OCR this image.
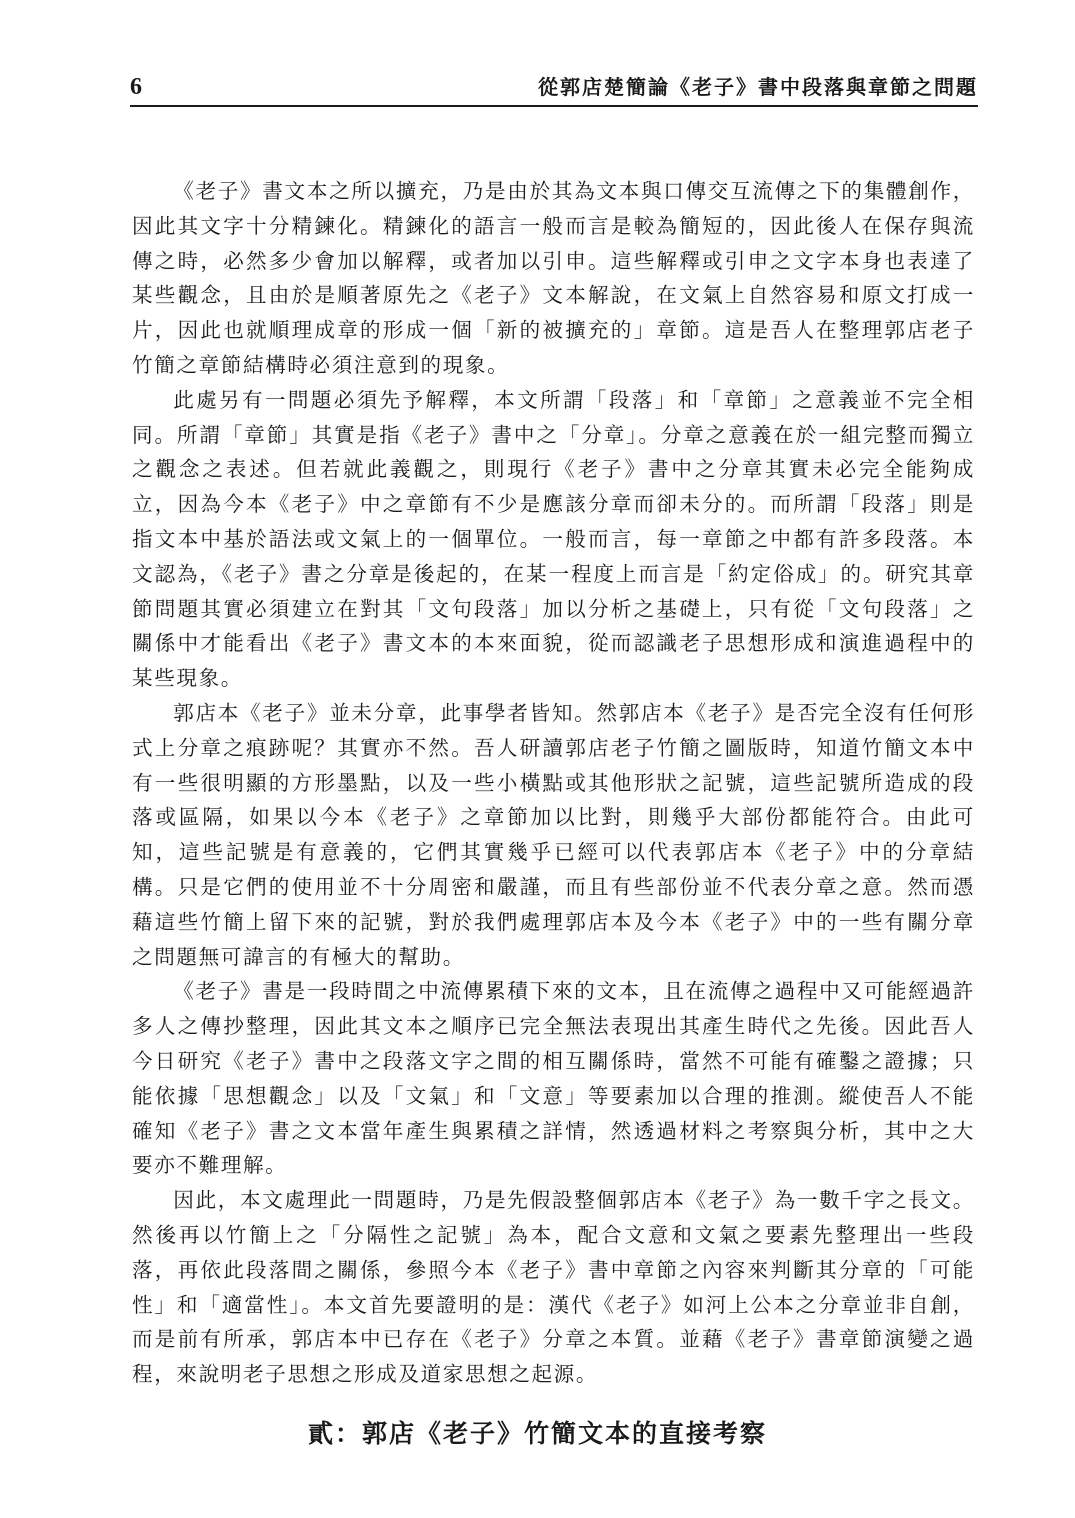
6	從郭店楚簡論《老子》書中段落與章節之問題

《老子》書文本之所以擴充，乃是由於其為文本與口傳交互流傳之下的集體創作，因此其文字十分精鍊化。精鍊化的語言一般而言是較為簡短的，因此後人在保存與流傳之時，必然多少會加以解釋，或者加以引申。這些解釋或引申之文字本身也表達了某些觀念，且由於是順著原先之《老子》文本解說，在文氣上自然容易和原文打成一片，因此也就順理成章的形成一個「新的被擴充的」章節。這是吾人在整理郭店老子竹簡之章節結構時必須注意到的現象。

此處另有一問題必須先予解釋，本文所謂「段落」和「章節」之意義並不完全相同。所謂「章節」其實是指《老子》書中之「分章」。分章之意義在於一組完整而獨立之觀念之表述。但若就此義觀之，則現行《老子》書中之分章其實未必完全能夠成立，因為今本《老子》中之章節有不少是應該分章而卻未分的。而所謂「段落」則是指文本中基於語法或文氣上的一個單位。一般而言，每一章節之中都有許多段落。本文認為，《老子》書之分章是後起的，在某一程度上而言是「約定俗成」的。研究其章節問題其實必須建立在對其「文句段落」加以分析之基礎上，只有從「文句段落」之關係中才能看出《老子》書文本的本來面貌，從而認識老子思想形成和演進過程中的某些現象。

郭店本《老子》並未分章，此事學者皆知。然郭店本《老子》是否完全沒有任何形式上分章之痕跡呢？其實亦不然。吾人研讀郭店老子竹簡之圖版時，知道竹簡文本中有一些很明顯的方形墨點，以及一些小橫點或其他形狀之記號，這些記號所造成的段落或區隔，如果以今本《老子》之章節加以比對，則幾乎大部份都能符合。由此可知，這些記號是有意義的，它們其實幾乎已經可以代表郭店本《老子》中的分章結構。只是它們的使用並不十分周密和嚴謹，而且有些部份並不代表分章之意。然而憑藉這些竹簡上留下來的記號，對於我們處理郭店本及今本《老子》中的一些有關分章之問題無可諱言的有極大的幫助。

《老子》書是一段時間之中流傳累積下來的文本，且在流傳之過程中又可能經過許多人之傳抄整理，因此其文本之順序已完全無法表現出其產生時代之先後。因此吾人今日研究《老子》書中之段落文字之間的相互關係時，當然不可能有確鑿之證據；只能依據「思想觀念」以及「文氣」和「文意」等要素加以合理的推測。縱使吾人不能確知《老子》書之文本當年產生與累積之詳情，然透過材料之考察與分析，其中之大要亦不難理解。

因此，本文處理此一問題時，乃是先假設整個郭店本《老子》為一數千字之長文。然後再以竹簡上之「分隔性之記號」為本，配合文意和文氣之要素先整理出一些段落，再依此段落間之關係，參照今本《老子》書中章節之內容來判斷其分章的「可能性」和「適當性」。本文首先要證明的是：漢代《老子》如河上公本之分章並非自創，而是前有所承，郭店本中已存在《老子》分章之本質。並藉《老子》書章節演變之過程，來說明老子思想之形成及道家思想之起源。

貳：郭店《老子》竹簡文本的直接考察
